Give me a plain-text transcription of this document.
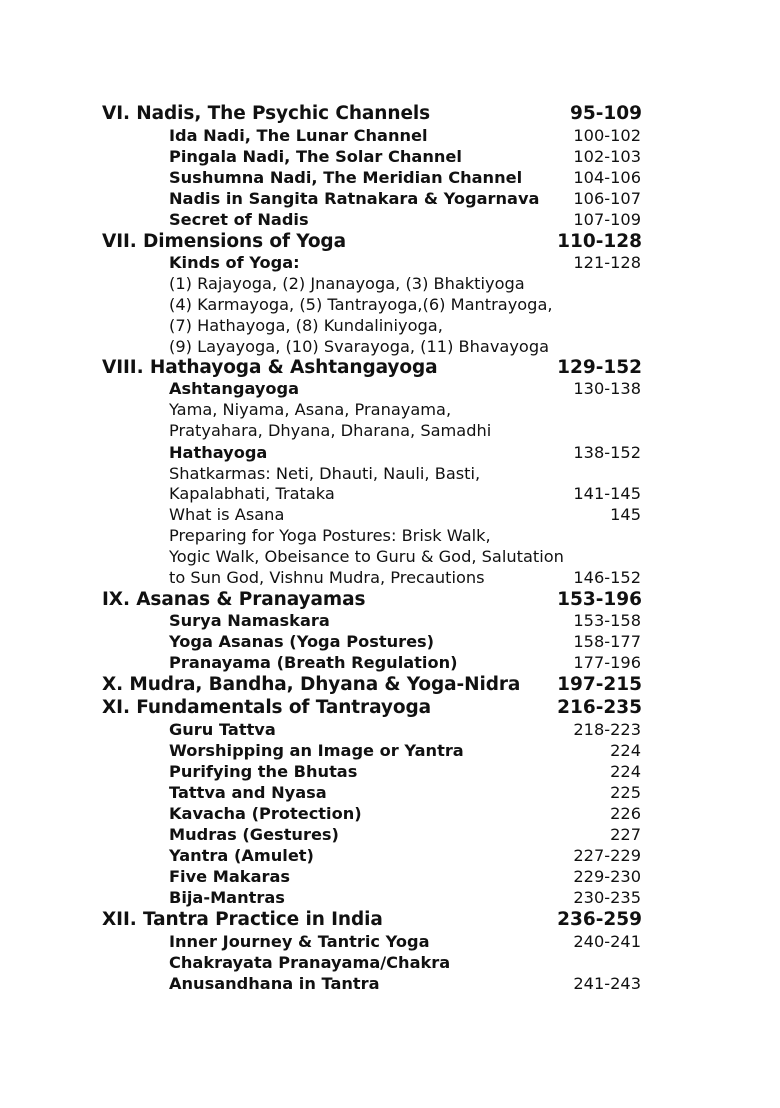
VI. Nadis, The Psychic Channels	95-109
Ida Nadi, The Lunar Channel	100-102
Pingala Nadi, The Solar Channel	102-103
Sushumna Nadi, The Meridian Channel	104-106
Nadis in Sangita Ratnakara & Yogarnava 106-107
Secret of Nadis	107-109
VII. Dimensions of Yoga	110-128
Kinds of Yoga:	121-128
(1) Rajayoga, (2) Jnanayoga, (3) Bhaktiyoga
(4) Karmayoga, (5) Tantrayoga,(6) Mantrayoga,
(7) Hathayoga, (8) Kundaliniyoga,
(9) Layayoga, (10) Svarayoga, (11) Bhavayoga
VIII. Hathayoga & Ashtangayoga	129-152
Ashtangayoga	130-138
Yama, Niyama, Asana, Pranayama,
Pratyahara, Dhyana, Dharana, Samadhi
Hathayoga	138-152
Shatkarmas: Neti, Dhauti, Nauli, Basti,
Kapalabhati, Trataka	141-145
What is Asana	145
Preparing for Yoga Postures: Brisk Walk,
Yogic Walk, Obeisance to Guru & God, Salutation
to Sun God, Vishnu Mudra, Precautions	146-152
IX. Asanas & Pranayamas	153-196
Surya Namaskara	153-158
Yoga Asanas (Yoga Postures)	158-177
Pranayama (Breath Regulation)	177-196
X. Mudra, Bandha, Dhyana & Yoga-Nidra 197-215
XI. Fundamentals of Tantrayoga	216-235
Guru Tattva	218-223
Worshipping an Image or Yantra	224
Purifying the Bhutas	224
Tattva and Nyasa	225
Kavacha (Protection)	226
Mudras (Gestures)	227
Yantra (Amulet)	227-229
Five Makaras	229-230
Bija-Mantras	230-235
XII. Tantra Practice in India	236-259
Inner Journey & Tantric Yoga	240-241
Chakrayata Pranayama/Chakra
Anusandhana in Tantra	241-243
